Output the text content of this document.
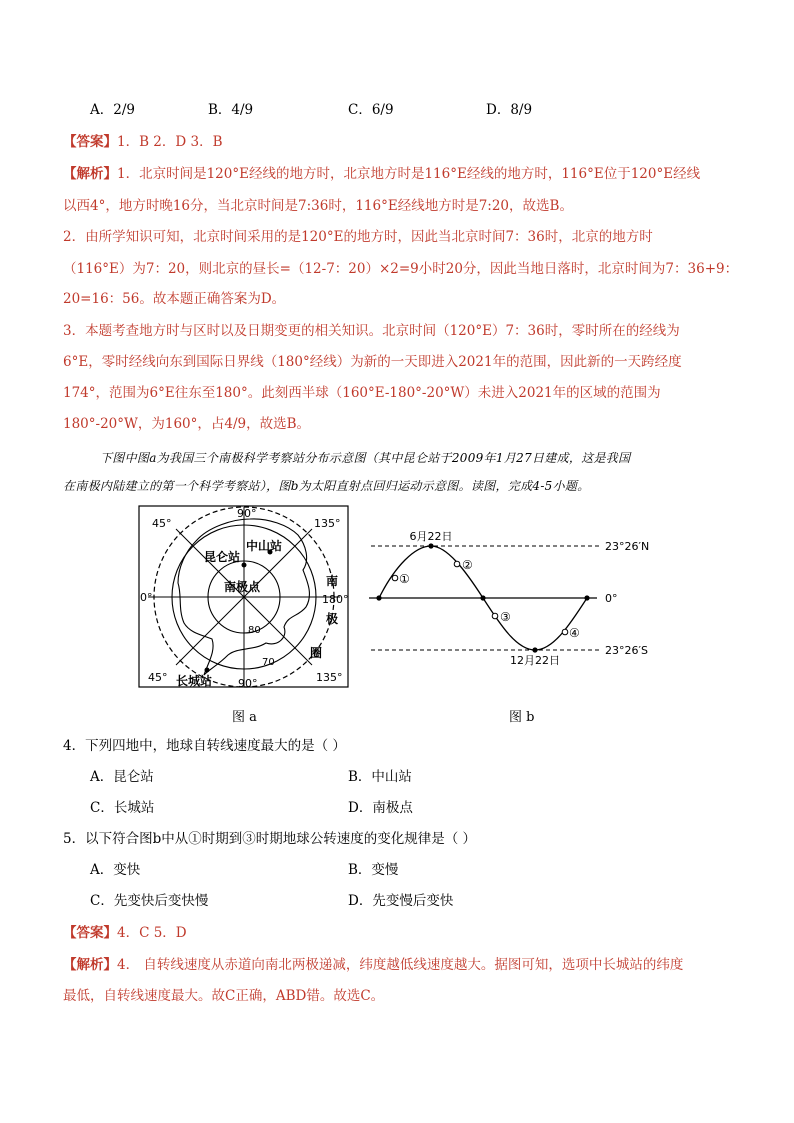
A．2/9	B．4/9	C．6/9	D．8/9
【答案】1．B 2．D 3．B
【解析】1．北京时间是120°E经线的地方时，北京地方时是116°E经线的地方时，116°E位于120°E经线
以西4°，地方时晚16分，当北京时间是7:36时，116°E经线地方时是7:20，故选B。
2．由所学知识可知，北京时间采用的是120°E的地方时，因此当北京时间7：36时，北京的地方时
（116°E）为7：20，则北京的昼长=（12-7：20）×2=9小时20分，因此当地日落时，北京时间为7：36+9：
20=16：56。故本题正确答案为D。
3．本题考查地方时与区时以及日期变更的相关知识。北京时间（120°E）7：36时，零时所在的经线为
6°E，零时经线向东到国际日界线（180°经线）为新的一天即进入2021年的范围，因此新的一天跨经度
174°，范围为6°E往东至180°。此刻西半球（160°E-180°-20°W）未进入2021年的区域的范围为
180°-20°W，为160°，占4/9，故选B。
下图中图a为我国三个南极科学考察站分布示意图（其中昆仑站于2009年1月27日建成，这是我国
在南极内陆建立的第一个科学考察站），图b为太阳直射点回归运动示意图。读图，完成4-5小题。
90°
45°	135°
0°	180°
45°	90°	135°
80
70
中山站
昆仑站
南极点
长城站
南
极
圈
图 a
6月22日
12月22日
23°26′N
0°
23°26′S
①
②
③
④
图 b
4．下列四地中，地球自转线速度最大的是（ ）
A．昆仑站	B．中山站
C．长城站	D．南极点
5．以下符合图b中从①时期到③时期地球公转速度的变化规律是（ ）
A．变快	B．变慢
C．先变快后变快慢	D．先变慢后变快
【答案】4．C 5．D
【解析】4． 自转线速度从赤道向南北两极递减，纬度越低线速度越大。据图可知，选项中长城站的纬度
最低，自转线速度最大。故C正确，ABD错。故选C。
